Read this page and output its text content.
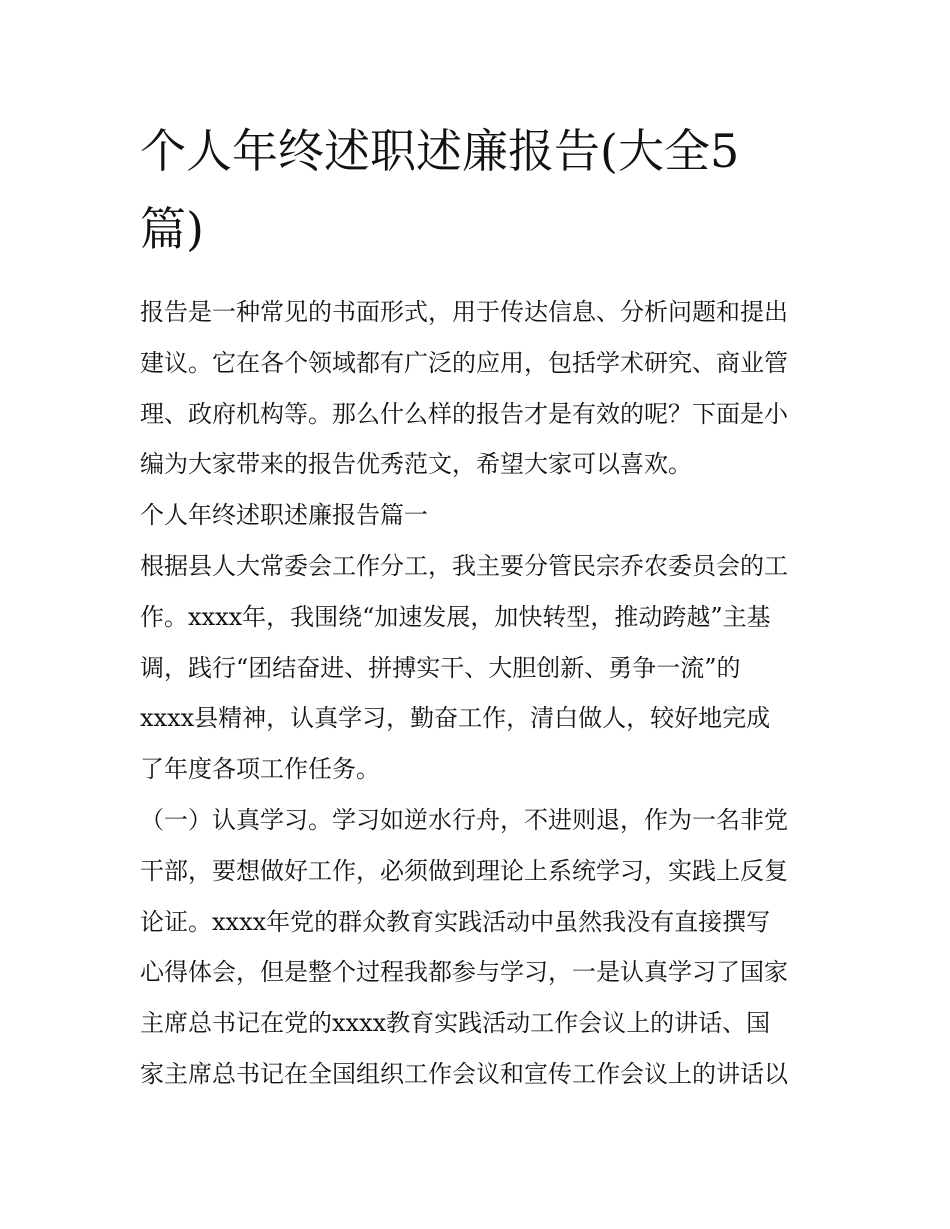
个人年终述职述廉报告(大全5
篇)

报告是一种常见的书面形式，用于传达信息、分析问题和提出

建议。它在各个领域都有广泛的应用，包括学术研究、商业管

理、政府机构等。那么什么样的报告才是有效的呢？下面是小

编为大家带来的报告优秀范文，希望大家可以喜欢。

个人年终述职述廉报告篇一

根据县人大常委会工作分工，我主要分管民宗乔农委员会的工

作。xxxx年，我围绕“加速发展，加快转型，推动跨越”主基

调，践行“团结奋进、拼搏实干、大胆创新、勇争一流”的

xxxx县精神，认真学习，勤奋工作，清白做人，较好地完成

了年度各项工作任务。

（一）认真学习。学习如逆水行舟，不进则退，作为一名非党

干部，要想做好工作，必须做到理论上系统学习，实践上反复

论证。xxxx年党的群众教育实践活动中虽然我没有直接撰写

心得体会，但是整个过程我都参与学习，一是认真学习了国家

主席总书记在党的xxxx教育实践活动工作会议上的讲话、国

家主席总书记在全国组织工作会议和宣传工作会议上的讲话以
